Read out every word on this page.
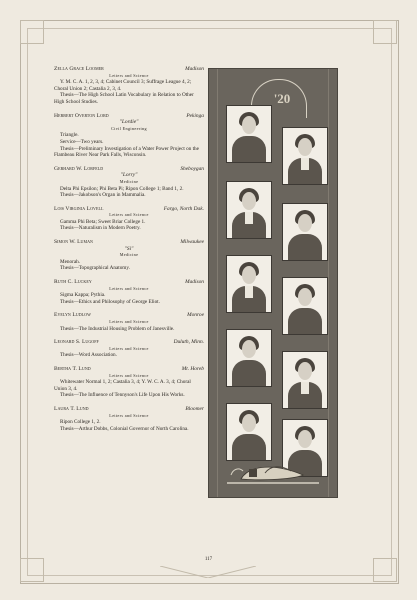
Zella Grace Loomer	Madison
Letters and Science
Y. M. C. A. 1, 2, 3, 4; Cabinet Council 3; Suffrage League 4, 2; Choral Union 2; Castalia 2, 3, 4.
Thesis—The High School Latin Vocabulary in Relation to Other High School Studies.
Herbert Overton Lord	Pekinga
"Lordie"
Civil Engineering
Triangle.
Service—Two years.
Thesis—Preliminary Investigation of a Water Power Project on the Flambeau River Near Park Falls, Wisconsin.
Gerhard W. Lorfeld	Sheboygan
"Lorry"
Medicine
Delta Phi Epsilon; Phi Beta Pi; Ripon College 1; Band 1, 2.
Thesis—Jakobson's Organ in Mammalia.
Lois Virginia Lovell	Fargo, North Dak.
Letters and Science
Gamma Phi Beta; Sweet Briar College 1.
Thesis—Naturalism in Modern Poetry.
Simon W. Luman	Milwaukee
"Si"
Medicine
Menorah.
Thesis—Topographical Anatomy.
Ruth C. Luckey	Madison
Letters and Science
Sigma Kappa; Pythia.
Thesis—Ethics and Philosophy of George Eliot.
Evelyn Ludlow	Monroe
Letters and Science
Thesis—The Industrial Housing Problem of Janesville.
Leonard S. Lugoff	Duluth, Minn.
Letters and Science
Thesis—Word Association.
Bertha T. Lund	Mt. Horeb
Letters and Science
Whitewater Normal 1, 2; Castalia 3, 4; Y. W. C. A. 3, 4; Choral Union 3, 4.
Thesis—The Influence of Tennyson's Life Upon His Works.
Laura T. Lund	Bloomer
Letters and Science
Ripon College 1, 2.
Thesis—Arthur Dobbs, Colonial Governor of North Carolina.
'20
117
